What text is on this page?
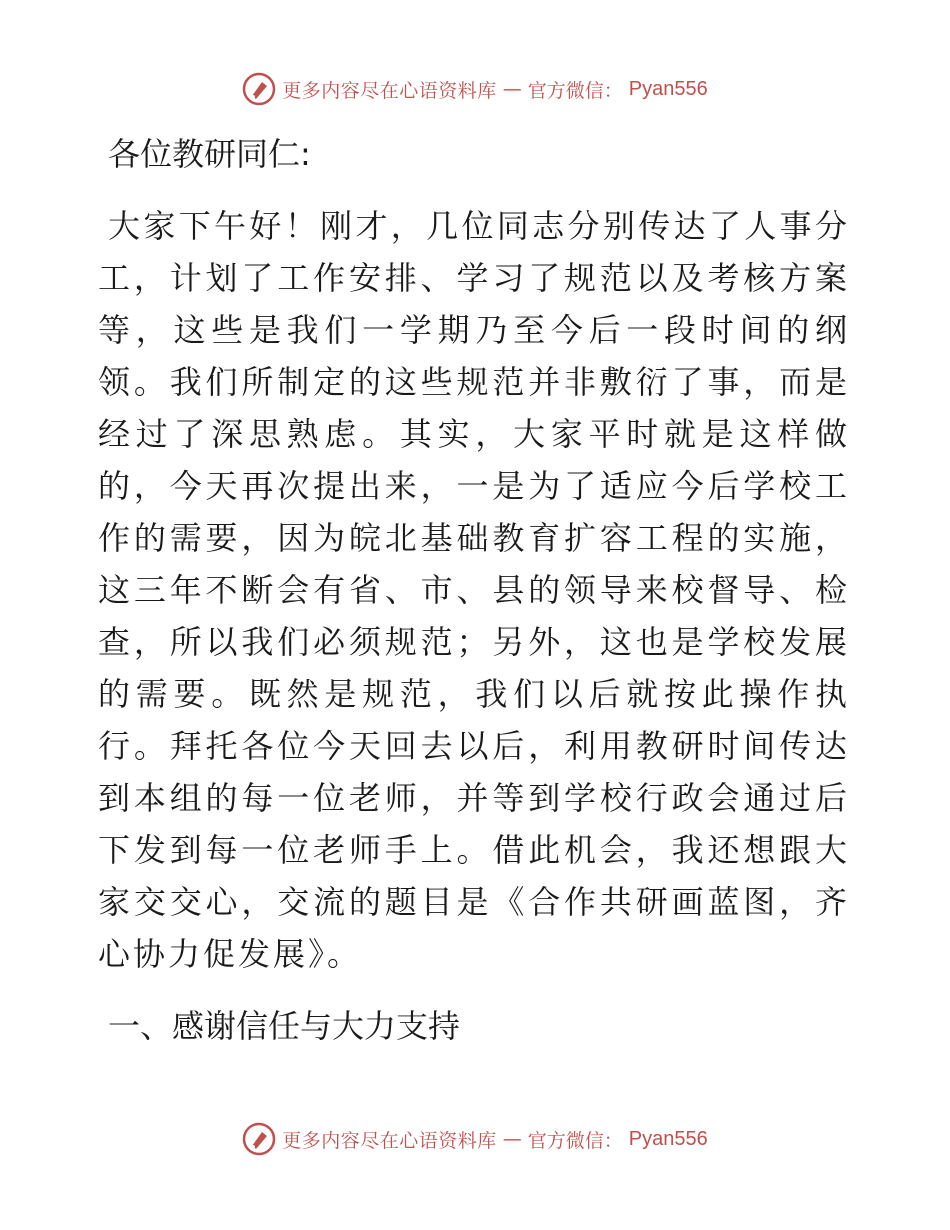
更多内容尽在心语资料库 — 官方微信： Pyan556
各位教研同仁:

大家下午好！刚才，几位同志分别传达了人事分工，计划了工作安排、学习了规范以及考核方案等，这些是我们一学期乃至今后一段时间的纲领。我们所制定的这些规范并非敷衍了事，而是经过了深思熟虑。其实，大家平时就是这样做的，今天再次提出来，一是为了适应今后学校工作的需要，因为皖北基础教育扩容工程的实施，这三年不断会有省、市、县的领导来校督导、检查，所以我们必须规范；另外，这也是学校发展的需要。既然是规范，我们以后就按此操作执行。拜托各位今天回去以后，利用教研时间传达到本组的每一位老师，并等到学校行政会通过后下发到每一位老师手上。借此机会，我还想跟大家交交心，交流的题目是《合作共研画蓝图，齐心协力促发展》。

一、感谢信任与大力支持
更多内容尽在心语资料库 — 官方微信： Pyan556
